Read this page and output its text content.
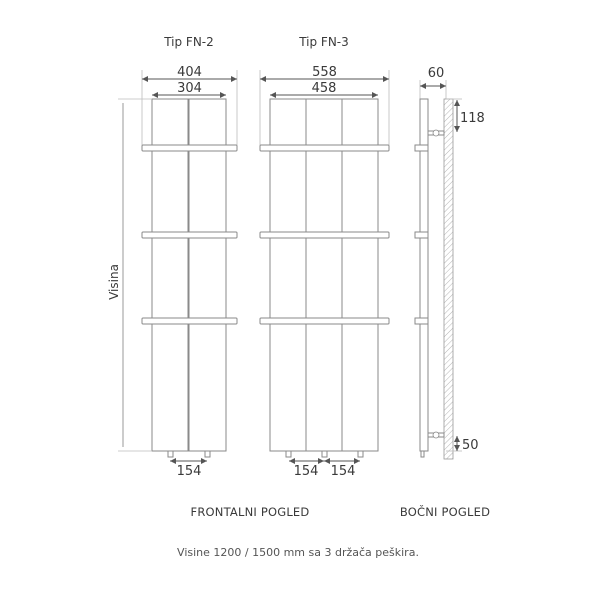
Tip FN-2	Tip FN-3
404
304
154
Visina
558
458
154 154
60
118
50
FRONTALNI POGLED	BOČNI POGLED
Visine 1200 / 1500 mm sa 3 držača peškira.
